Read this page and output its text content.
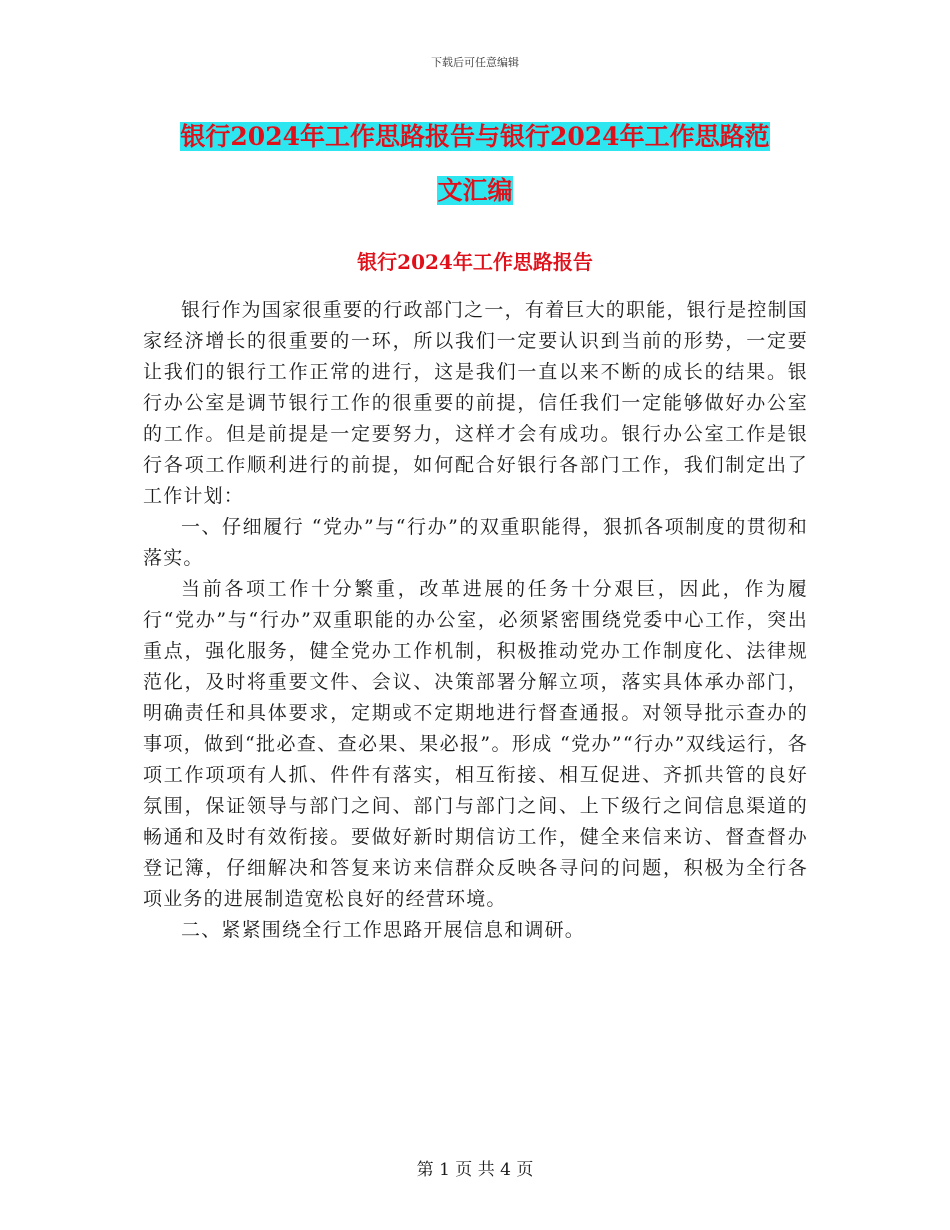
下载后可任意编辑
银行2024年工作思路报告与银行2024年工作思路范
文汇编
银行2024年工作思路报告

银行作为国家很重要的行政部门之一，有着巨大的职能，银行是控制国家经济增长的很重要的一环，所以我们一定要认识到当前的形势，一定要让我们的银行工作正常的进行，这是我们一直以来不断的成长的结果。银行办公室是调节银行工作的很重要的前提，信任我们一定能够做好办公室的工作。但是前提是一定要努力，这样才会有成功。银行办公室工作是银行各项工作顺利进行的前提，如何配合好银行各部门工作，我们制定出了工作计划：

一、仔细履行 “党办”与“行办”的双重职能得，狠抓各项制度的贯彻和落实。

当前各项工作十分繁重，改革进展的任务十分艰巨，因此，作为履行“党办”与“行办”双重职能的办公室，必须紧密围绕党委中心工作，突出重点，强化服务，健全党办工作机制，积极推动党办工作制度化、法律规范化，及时将重要文件、会议、决策部署分解立项，落实具体承办部门，明确责任和具体要求，定期或不定期地进行督查通报。对领导批示查办的事项，做到“批必查、查必果、果必报”。形成 “党办”“行办”双线运行，各项工作项项有人抓、件件有落实，相互衔接、相互促进、齐抓共管的良好氛围，保证领导与部门之间、部门与部门之间、上下级行之间信息渠道的畅通和及时有效衔接。要做好新时期信访工作，健全来信来访、督查督办登记簿，仔细解决和答复来访来信群众反映各寻问的问题，积极为全行各项业务的进展制造宽松良好的经营环境。

二、紧紧围绕全行工作思路开展信息和调研。

第 1 页 共 4 页
